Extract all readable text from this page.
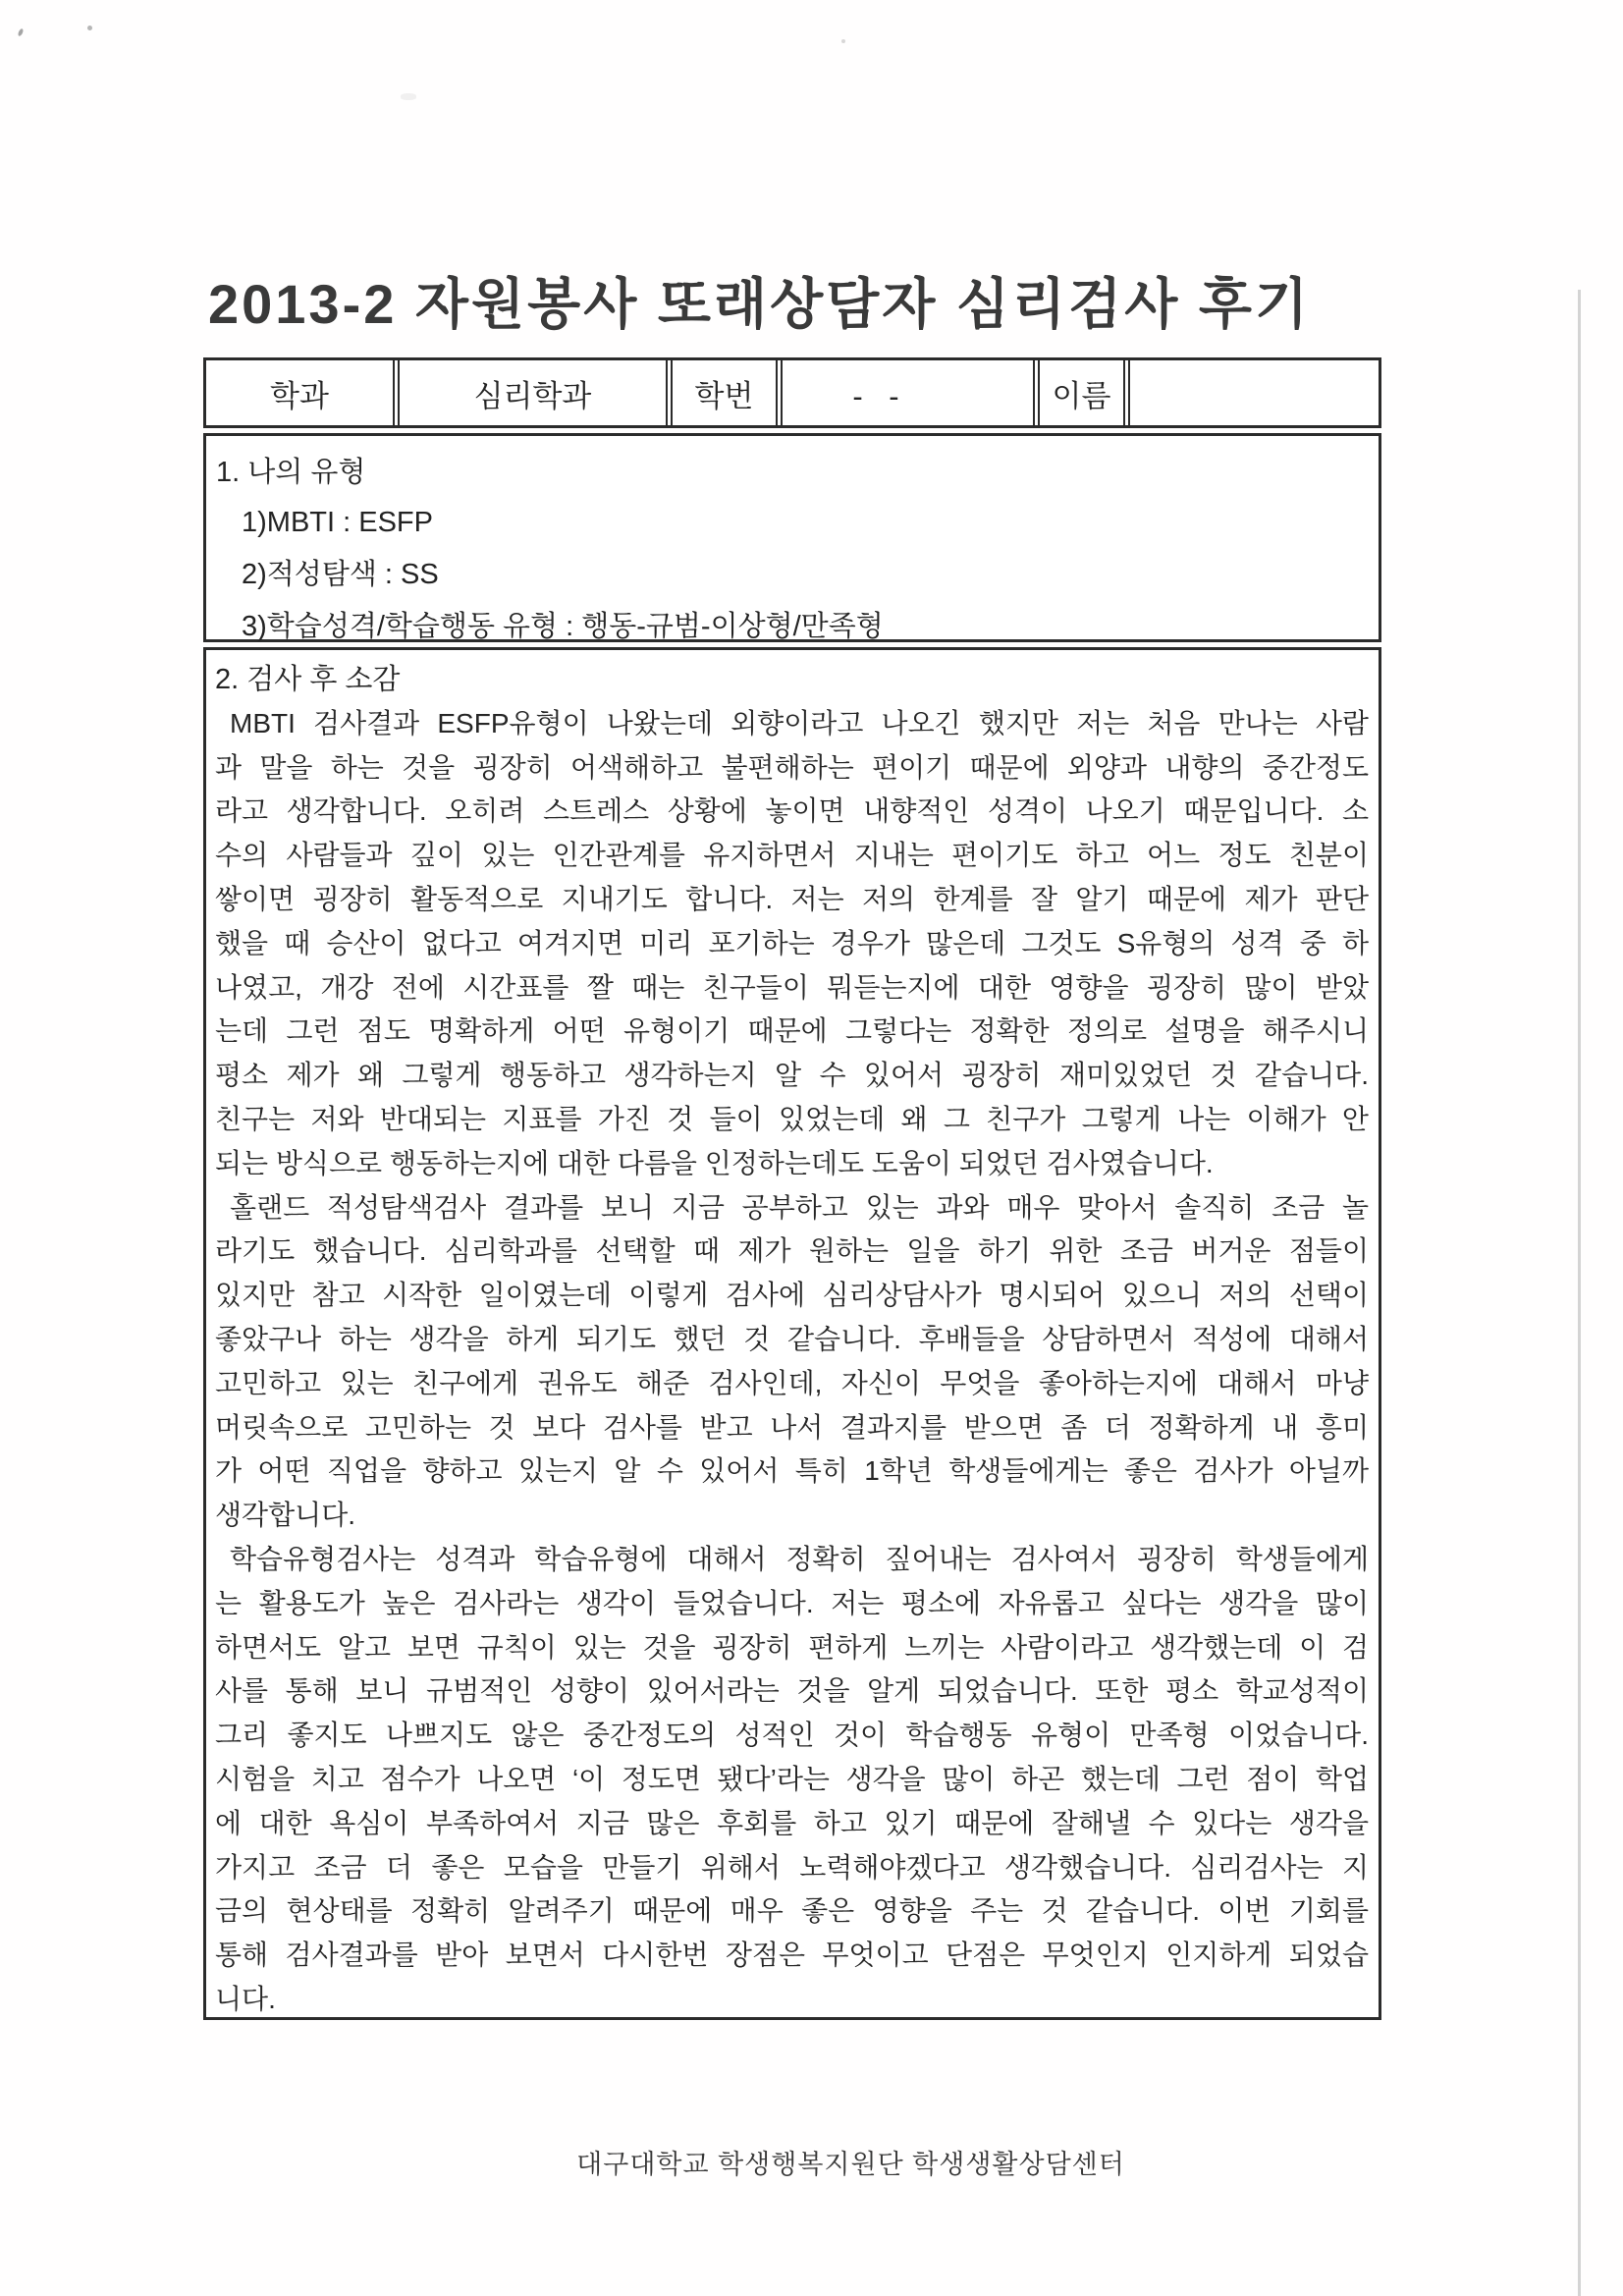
2013-2 자원봉사 또래상담자 심리검사 후기
학과	심리학과	학번	- -	이름
1. 나의 유형
1)MBTI : ESFP
2)적성탐색 : SS
3)학습성격/학습행동 유형 : 행동-규범-이상형/만족형
2. 검사 후 소감
MBTI 검사결과 ESFP유형이 나왔는데 외향이라고 나오긴 했지만 저는 처음 만나는 사람
과 말을 하는 것을 굉장히 어색해하고 불편해하는 편이기 때문에 외양과 내향의 중간정도
라고 생각합니다. 오히려 스트레스 상황에 놓이면 내향적인 성격이 나오기 때문입니다. 소
수의 사람들과 깊이 있는 인간관계를 유지하면서 지내는 편이기도 하고 어느 정도 친분이
쌓이면 굉장히 활동적으로 지내기도 합니다. 저는 저의 한계를 잘 알기 때문에 제가 판단
했을 때 승산이 없다고 여겨지면 미리 포기하는 경우가 많은데 그것도 S유형의 성격 중 하
나였고, 개강 전에 시간표를 짤 때는 친구들이 뭐듣는지에 대한 영향을 굉장히 많이 받았
는데 그런 점도 명확하게 어떤 유형이기 때문에 그렇다는 정확한 정의로 설명을 해주시니
평소 제가 왜 그렇게 행동하고 생각하는지 알 수 있어서 굉장히 재미있었던 것 같습니다.
친구는 저와 반대되는 지표를 가진 것 들이 있었는데 왜 그 친구가 그렇게 나는 이해가 안
되는 방식으로 행동하는지에 대한 다름을 인정하는데도 도움이 되었던 검사였습니다.
홀랜드 적성탐색검사 결과를 보니 지금 공부하고 있는 과와 매우 맞아서 솔직히 조금 놀
라기도 했습니다. 심리학과를 선택할 때 제가 원하는 일을 하기 위한 조금 버거운 점들이
있지만 참고 시작한 일이였는데 이렇게 검사에 심리상담사가 명시되어 있으니 저의 선택이
좋았구나 하는 생각을 하게 되기도 했던 것 같습니다. 후배들을 상담하면서 적성에 대해서
고민하고 있는 친구에게 권유도 해준 검사인데, 자신이 무엇을 좋아하는지에 대해서 마냥
머릿속으로 고민하는 것 보다 검사를 받고 나서 결과지를 받으면 좀 더 정확하게 내 흥미
가 어떤 직업을 향하고 있는지 알 수 있어서 특히 1학년 학생들에게는 좋은 검사가 아닐까
생각합니다.
학습유형검사는 성격과 학습유형에 대해서 정확히 짚어내는 검사여서 굉장히 학생들에게
는 활용도가 높은 검사라는 생각이 들었습니다. 저는 평소에 자유롭고 싶다는 생각을 많이
하면서도 알고 보면 규칙이 있는 것을 굉장히 편하게 느끼는 사람이라고 생각했는데 이 검
사를 통해 보니 규범적인 성향이 있어서라는 것을 알게 되었습니다. 또한 평소 학교성적이
그리 좋지도 나쁘지도 않은 중간정도의 성적인 것이 학습행동 유형이 만족형 이었습니다.
시험을 치고 점수가 나오면 ‘이 정도면 됐다’라는 생각을 많이 하곤 했는데 그런 점이 학업
에 대한 욕심이 부족하여서 지금 많은 후회를 하고 있기 때문에 잘해낼 수 있다는 생각을
가지고 조금 더 좋은 모습을 만들기 위해서 노력해야겠다고 생각했습니다. 심리검사는 지
금의 현상태를 정확히 알려주기 때문에 매우 좋은 영향을 주는 것 같습니다. 이번 기회를
통해 검사결과를 받아 보면서 다시한번 장점은 무엇이고 단점은 무엇인지 인지하게 되었습
니다.
대구대학교 학생행복지원단 학생생활상담센터
